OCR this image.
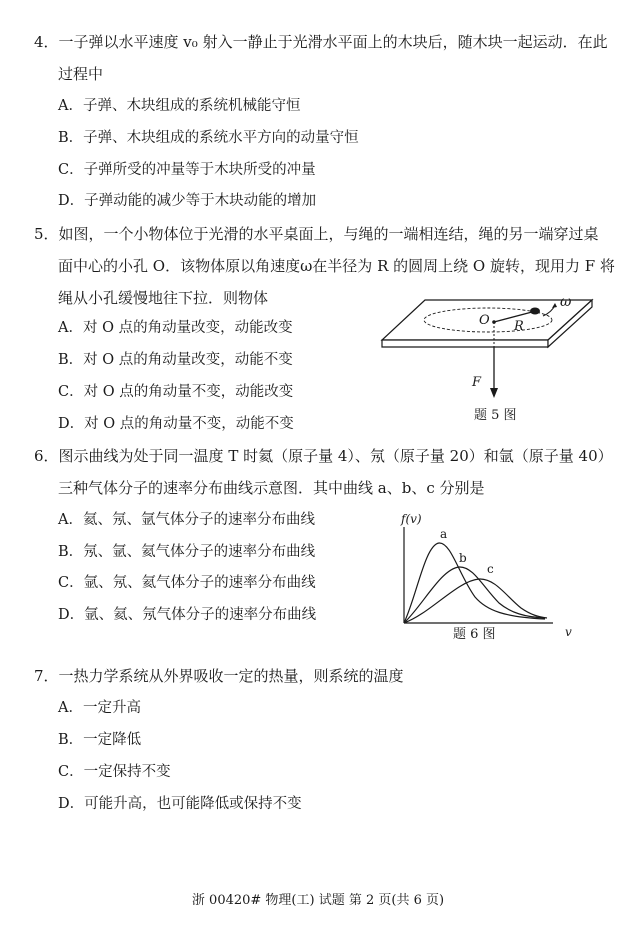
4．一子弹以水平速度 v₀ 射入一静止于光滑水平面上的木块后，随木块一起运动．在此
过程中
A．子弹、木块组成的系统机械能守恒
B．子弹、木块组成的系统水平方向的动量守恒
C．子弹所受的冲量等于木块所受的冲量
D．子弹动能的减少等于木块动能的增加
5．如图，一个小物体位于光滑的水平桌面上，与绳的一端相连结，绳的另一端穿过桌
面中心的小孔 O．该物体原以角速度ω在半径为 R 的圆周上绕 O 旋转，现用力 F 将
绳从小孔缓慢地往下拉．则物体
A．对 O 点的角动量改变，动能改变
B．对 O 点的角动量改变，动能不变
C．对 O 点的角动量不变，动能改变
D．对 O 点的角动量不变，动能不变
ω
O R
F
题 5 图
6．图示曲线为处于同一温度 T 时氦（原子量 4）、氖（原子量 20）和氩（原子量 40）
三种气体分子的速率分布曲线示意图．其中曲线 a、b、c 分别是
A．氦、氖、氩气体分子的速率分布曲线
B．氖、氩、氦气体分子的速率分布曲线
C．氩、氖、氦气体分子的速率分布曲线
D．氩、氦、氖气体分子的速率分布曲线
f(v)
a
b
c
题 6 图	v
7．一热力学系统从外界吸收一定的热量，则系统的温度
A．一定升高
B．一定降低
C．一定保持不变
D．可能升高，也可能降低或保持不变
浙 00420# 物理(工) 试题 第 2 页(共 6 页)
